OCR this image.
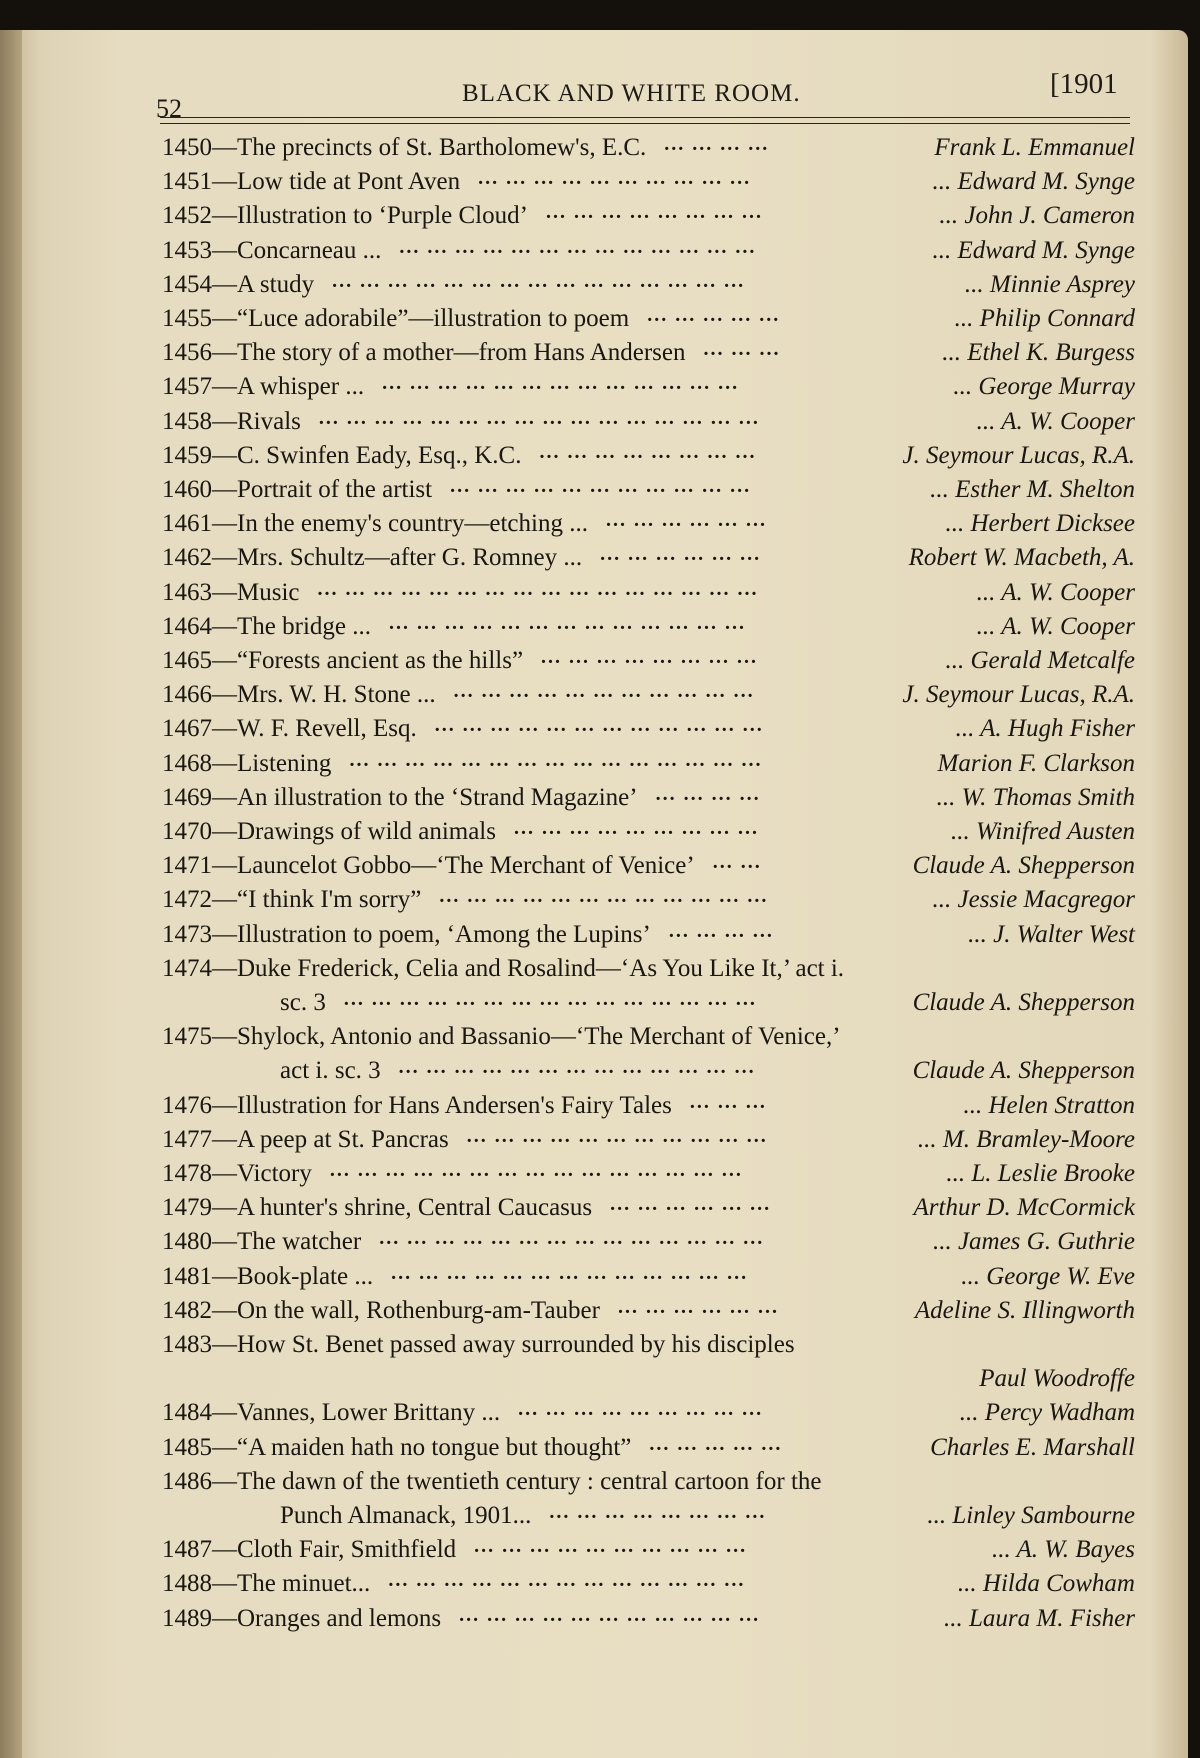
52
BLACK AND WHITE ROOM.	[1901
1450—The precincts of St. Bartholomew's, E.C.	Frank L. Emmanuel
... ... ... ...
1451—Low tide at Pont Aven	... Edward M. Synge
... ... ... ... ... ... ... ... ... ...
1452—Illustration to ‘Purple Cloud’	... John J. Cameron
... ... ... ... ... ... ... ...
1453—Concarneau ...	... Edward M. Synge
... ... ... ... ... ... ... ... ... ... ... ... ...
1454—A study	... Minnie Asprey
... ... ... ... ... ... ... ... ... ... ... ... ... ... ...
1455—“Luce adorabile”—illustration to poem	... Philip Connard
... ... ... ... ...
1456—The story of a mother—from Hans Andersen	... Ethel K. Burgess
... ... ...
1457—A whisper ...	... George Murray
... ... ... ... ... ... ... ... ... ... ... ... ...
1458—Rivals	... A. W. Cooper
... ... ... ... ... ... ... ... ... ... ... ... ... ... ... ...
1459—C. Swinfen Eady, Esq., K.C.	J. Seymour Lucas, R.A.
... ... ... ... ... ... ... ...
1460—Portrait of the artist	... Esther M. Shelton
... ... ... ... ... ... ... ... ... ... ...
1461—In the enemy's country—etching ...	... Herbert Dicksee
... ... ... ... ... ...
1462—Mrs. Schultz—after G. Romney ...	Robert W. Macbeth, A.
... ... ... ... ... ...
1463—Music	... A. W. Cooper
... ... ... ... ... ... ... ... ... ... ... ... ... ... ... ...
1464—The bridge ...	... A. W. Cooper
... ... ... ... ... ... ... ... ... ... ... ... ...
1465—“Forests ancient as the hills”	... Gerald Metcalfe
... ... ... ... ... ... ... ...
1466—Mrs. W. H. Stone ...	J. Seymour Lucas, R.A.
... ... ... ... ... ... ... ... ... ... ...
1467—W. F. Revell, Esq.	... A. Hugh Fisher
... ... ... ... ... ... ... ... ... ... ... ...
1468—Listening	Marion F. Clarkson
... ... ... ... ... ... ... ... ... ... ... ... ... ... ...
1469—An illustration to the ‘Strand Magazine’	... W. Thomas Smith
... ... ... ...
1470—Drawings of wild animals	... Winifred Austen
... ... ... ... ... ... ... ... ...
1471—Launcelot Gobbo—‘The Merchant of Venice’	Claude A. Shepperson
... ...
1472—“I think I'm sorry”	... Jessie Macgregor
... ... ... ... ... ... ... ... ... ... ... ...
1473—Illustration to poem, ‘Among the Lupins’	... J. Walter West
... ... ... ...
1474—Duke Frederick, Celia and Rosalind—‘As You Like It,’ act i.
sc. 3	Claude A. Shepperson
... ... ... ... ... ... ... ... ... ... ... ... ... ... ...
1475—Shylock, Antonio and Bassanio—‘The Merchant of Venice,’
act i. sc. 3	Claude A. Shepperson
... ... ... ... ... ... ... ... ... ... ... ... ...
1476—Illustration for Hans Andersen's Fairy Tales	... Helen Stratton
... ... ...
1477—A peep at St. Pancras	... M. Bramley-Moore
... ... ... ... ... ... ... ... ... ... ...
1478—Victory	... L. Leslie Brooke
... ... ... ... ... ... ... ... ... ... ... ... ... ... ...
1479—A hunter's shrine, Central Caucasus	Arthur D. McCormick
... ... ... ... ... ...
1480—The watcher	... James G. Guthrie
... ... ... ... ... ... ... ... ... ... ... ... ... ...
1481—Book-plate ...	... George W. Eve
... ... ... ... ... ... ... ... ... ... ... ... ...
1482—On the wall, Rothenburg-am-Tauber	Adeline S. Illingworth
... ... ... ... ... ...
1483—How St. Benet passed away surrounded by his disciples
Paul Woodroffe
1484—Vannes, Lower Brittany ...	... Percy Wadham
... ... ... ... ... ... ... ... ...
1485—“A maiden hath no tongue but thought”	Charles E. Marshall
... ... ... ... ...
1486—The dawn of the twentieth century : central cartoon for the
Punch Almanack, 1901...	... Linley Sambourne
... ... ... ... ... ... ... ...
1487—Cloth Fair, Smithfield	... A. W. Bayes
... ... ... ... ... ... ... ... ... ...
1488—The minuet...	... Hilda Cowham
... ... ... ... ... ... ... ... ... ... ... ... ...
1489—Oranges and lemons	... Laura M. Fisher
... ... ... ... ... ... ... ... ... ... ...
